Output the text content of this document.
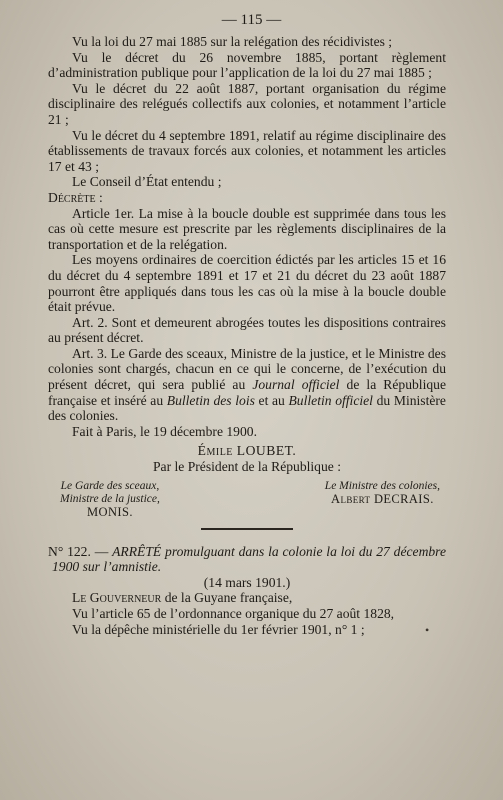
— 115 —

Vu la loi du 27 mai 1885 sur la relégation des récidivistes ;

Vu le décret du 26 novembre 1885, portant règlement d’administration publique pour l’application de la loi du 27 mai 1885 ;

Vu le décret du 22 août 1887, portant organisation du régime disciplinaire des relégués collectifs aux colonies, et notamment l’article 21 ;

Vu le décret du 4 septembre 1891, relatif au régime disciplinaire des établissements de travaux forcés aux colonies, et notamment les articles 17 et 43 ;

Le Conseil d’État entendu ;

Décrète :

Article 1er. La mise à la boucle double est supprimée dans tous les cas où cette mesure est prescrite par les règlements disciplinaires de la transportation et de la relégation.

Les moyens ordinaires de coercition édictés par les articles 15 et 16 du décret du 4 septembre 1891 et 17 et 21 du décret du 23 août 1887 pourront être appliqués dans tous les cas où la mise à la boucle double était prévue.

Art. 2. Sont et demeurent abrogées toutes les dispositions contraires au présent décret.

Art. 3. Le Garde des sceaux, Ministre de la justice, et le Ministre des colonies sont chargés, chacun en ce qui le concerne, de l’exécution du présent décret, qui sera publié au Journal officiel de la République française et inséré au Bulletin des lois et au Bulletin officiel du Ministère des colonies.

Fait à Paris, le 19 décembre 1900.

Émile LOUBET.

Par le Président de la République :

Le Garde des sceaux,
Ministre de la justice,
MONIS.
Le Ministre des colonies,
Albert DECRAIS.

N° 122. — ARRÊTÉ promulguant dans la colonie la loi du 27 décembre 1900 sur l’amnistie.

(14 mars 1901.)

Le Gouverneur de la Guyane française,

Vu l’article 65 de l’ordonnance organique du 27 août 1828,

Vu la dépêche ministérielle du 1er février 1901, n° 1 ;	•
